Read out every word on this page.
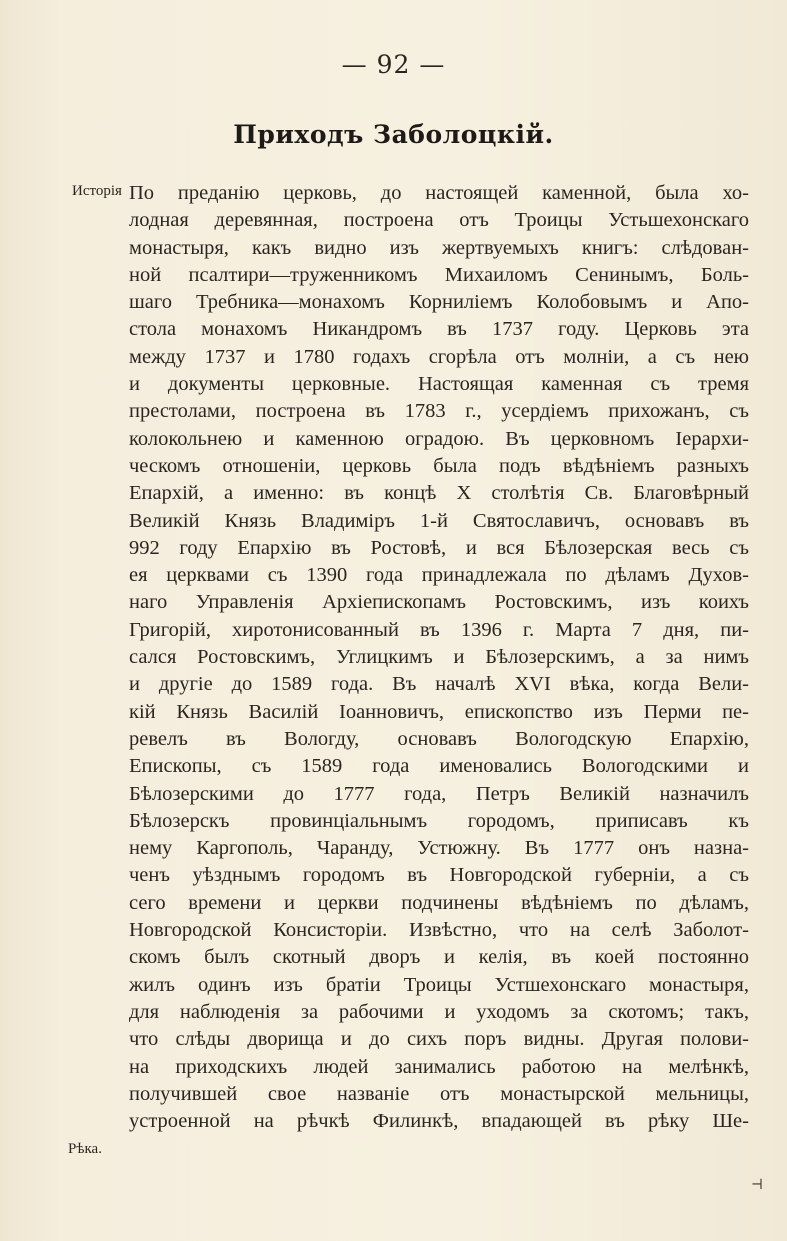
— 92 —
Приходъ Заболоцкій.
Исторія
Рѣка.
По преданію церковь, до настоящей каменной, была хо-
лодная деревянная, построена отъ Троицы Устьшехонскаго
монастыря, какъ видно изъ жертвуемыхъ книгъ: слѣдован-
ной псалтири—труженникомъ Михаиломъ Сенинымъ, Боль-
шаго Требника—монахомъ Корниліемъ Колобовымъ и Апо-
стола монахомъ Никандромъ въ 1737 году. Церковь эта
между 1737 и 1780 годахъ сгорѣла отъ молніи, а съ нею
и документы церковные. Настоящая каменная съ тремя
престолами, построена въ 1783 г., усердіемъ прихожанъ, съ
колокольнею и каменною оградою. Въ церковномъ Іерархи-
ческомъ отношеніи, церковь была подъ вѣдѣніемъ разныхъ
Епархій, а именно: въ концѣ X столѣтія Св. Благовѣрный
Великій Князь Владиміръ 1-й Святославичъ, основавъ въ
992 году Епархію въ Ростовѣ, и вся Бѣлозерская весь съ
ея церквами съ 1390 года принадлежала по дѣламъ Духов-
наго Управленія Архіепископамъ Ростовскимъ, изъ коихъ
Григорій, хиротонисованный въ 1396 г. Марта 7 дня, пи-
сался Ростовскимъ, Углицкимъ и Бѣлозерскимъ, а за нимъ
и другіе до 1589 года. Въ началѣ XVI вѣка, когда Вели-
кій Князь Василій Іоанновичъ, епископство изъ Перми пе-
ревелъ въ Вологду, основавъ Вологодскую Епархію,
Епископы, съ 1589 года именовались Вологодскими и
Бѣлозерскими до 1777 года, Петръ Великій назначилъ
Бѣлозерскъ провинціальнымъ городомъ, приписавъ къ
нему Каргополь, Чаранду, Устюжну. Въ 1777 онъ назна-
ченъ уѣзднымъ городомъ въ Новгородской губерніи, а съ
сего времени и церкви подчинены вѣдѣніемъ по дѣламъ,
Новгородской Консисторіи. Извѣстно, что на селѣ Заболот-
скомъ былъ скотный дворъ и келія, въ коей постоянно
жилъ одинъ изъ братіи Троицы Устшехонскаго монастыря,
для наблюденія за рабочими и уходомъ за скотомъ; такъ,
что слѣды дворища и до сихъ поръ видны. Другая полови-
на приходскихъ людей занимались работою на мелѣнкѣ,
получившей свое названіе отъ монастырской мельницы,
устроенной на рѣчкѣ Филинкѣ, впадающей въ рѣку Ше-
⊣
